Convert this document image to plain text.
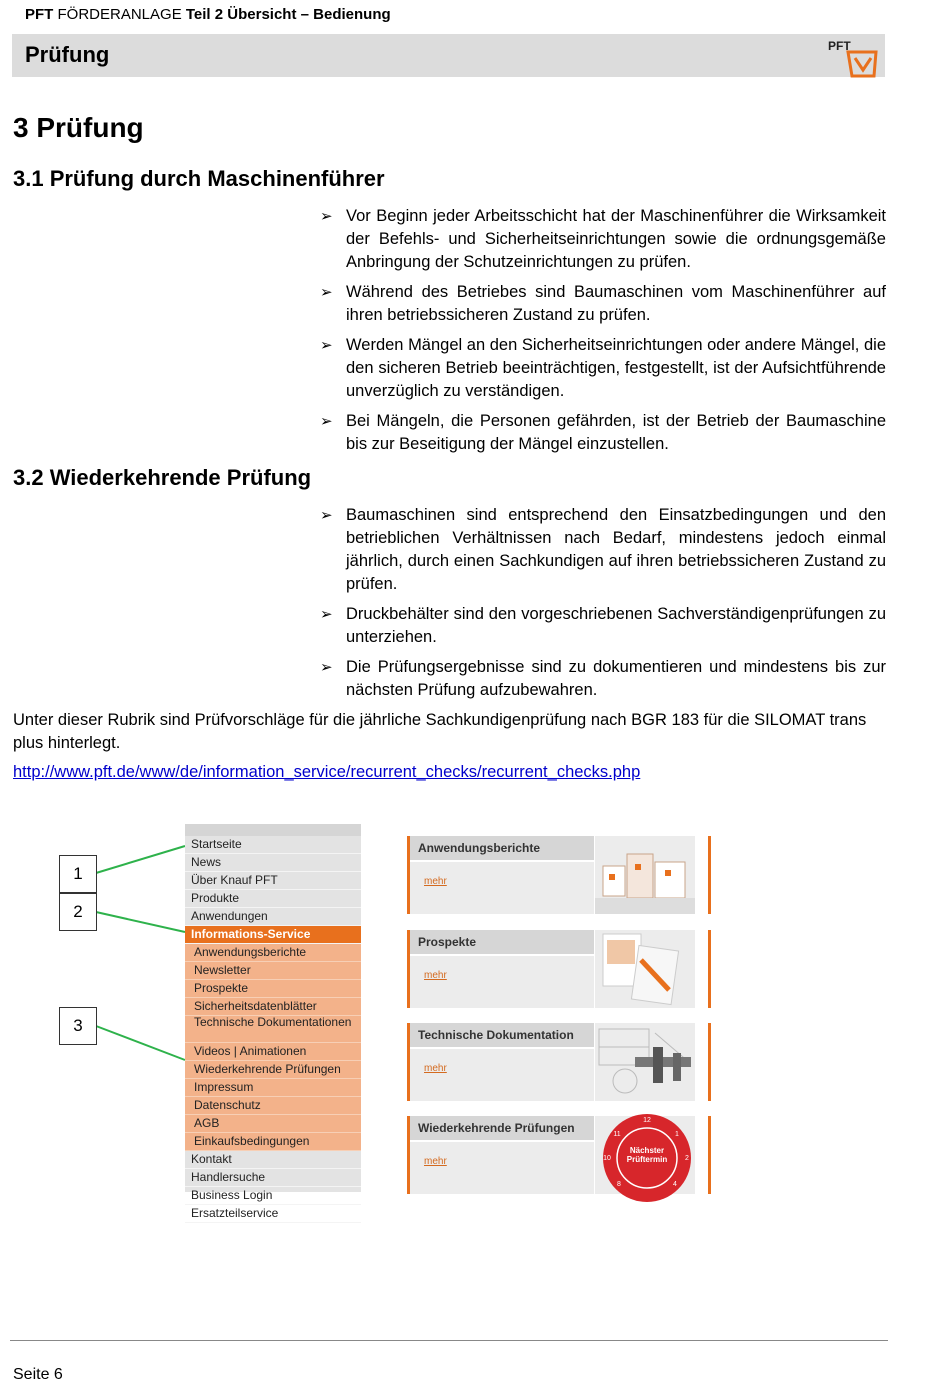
PFT FÖRDERANLAGE Teil 2 Übersicht – Bedienung
Prüfung	PFT
3 Prüfung
3.1 Prüfung durch Maschinenführer
➢ Vor Beginn jeder Arbeitsschicht hat der Maschinenführer die Wirksamkeit der Befehls- und Sicherheitseinrichtungen sowie die ordnungsgemäße Anbringung der Schutzeinrichtungen zu prüfen.
➢ Während des Betriebes sind Baumaschinen vom Maschinenführer auf ihren betriebssicheren Zustand zu prüfen.
➢ Werden Mängel an den Sicherheitseinrichtungen oder andere Mängel, die den sicheren Betrieb beeinträchtigen, festgestellt, ist der Aufsichtführende unverzüglich zu verständigen.
➢ Bei Mängeln, die Personen gefährden, ist der Betrieb der Baumaschine bis zur Beseitigung der Mängel einzustellen.
3.2 Wiederkehrende Prüfung
➢ Baumaschinen sind entsprechend den Einsatzbedingungen und den betrieblichen Verhältnissen nach Bedarf, mindestens jedoch einmal jährlich, durch einen Sachkundigen auf ihren betriebssicheren Zustand zu prüfen.
➢ Druckbehälter sind den vorgeschriebenen Sachverständigenprüfungen zu unterziehen.
➢ Die Prüfungsergebnisse sind zu dokumentieren und mindestens bis zur nächsten Prüfung aufzubewahren.
Unter dieser Rubrik sind Prüfvorschläge für die jährliche Sachkundigenprüfung nach BGR 183 für die SILOMAT trans plus hinterlegt.
http://www.pft.de/www/de/information_service/recurrent_checks/recurrent_checks.php
1
2
3
Startseite
News
Über Knauf PFT
Produkte
Anwendungen
Informations-Service
Anwendungsberichte
Newsletter
Prospekte
Sicherheitsdatenblätter
Technische Dokumentationen
Videos | Animationen
Wiederkehrende Prüfungen
Impressum
Datenschutz
AGB
Einkaufsbedingungen
Kontakt
Handlersuche
Business Login
Ersatzteilservice
Anwendungsberichte
mehr
Prospekte
mehr
Technische Dokumentation
mehr
Wiederkehrende Prüfungen
mehr
12
1
2
4
8
10
11
Nächster Prüftermin
Seite 6
